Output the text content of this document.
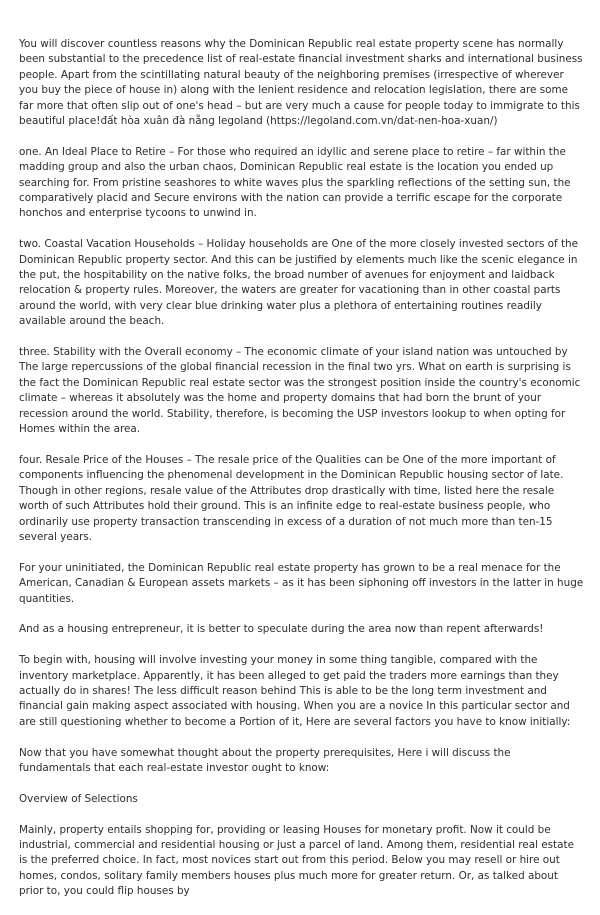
You will discover countless reasons why the Dominican Republic real estate property scene has normally been substantial to the precedence list of real-estate financial investment sharks and international business people. Apart from the scintillating natural beauty of the neighboring premises (irrespective of wherever you buy the piece of house in) along with the lenient residence and relocation legislation, there are some far more that often slip out of one's head – but are very much a cause for people today to immigrate to this beautiful place!đất hòa xuân đà nẵng legoland (https://legoland.com.vn/dat-nen-hoa-xuan/)

one. An Ideal Place to Retire – For those who required an idyllic and serene place to retire – far within the madding group and also the urban chaos, Dominican Republic real estate is the location you ended up searching for. From pristine seashores to white waves plus the sparkling reflections of the setting sun, the comparatively placid and Secure environs with the nation can provide a terrific escape for the corporate honchos and enterprise tycoons to unwind in.

two. Coastal Vacation Households – Holiday households are One of the more closely invested sectors of the Dominican Republic property sector. And this can be justified by elements much like the scenic elegance in the put, the hospitability on the native folks, the broad number of avenues for enjoyment and laidback relocation & property rules. Moreover, the waters are greater for vacationing than in other coastal parts around the world, with very clear blue drinking water plus a plethora of entertaining routines readily available around the beach.

three. Stability with the Overall economy – The economic climate of your island nation was untouched by The large repercussions of the global financial recession in the final two yrs. What on earth is surprising is the fact the Dominican Republic real estate sector was the strongest position inside the country's economic climate – whereas it absolutely was the home and property domains that had born the brunt of your recession around the world. Stability, therefore, is becoming the USP investors lookup to when opting for Homes within the area.

four. Resale Price of the Houses – The resale price of the Qualities can be One of the more important of components influencing the phenomenal development in the Dominican Republic housing sector of late. Though in other regions, resale value of the Attributes drop drastically with time, listed here the resale worth of such Attributes hold their ground. This is an infinite edge to real-estate business people, who ordinarily use property transaction transcending in excess of a duration of not much more than ten-15 several years.

For your uninitiated, the Dominican Republic real estate property has grown to be a real menace for the American, Canadian & European assets markets – as it has been siphoning off investors in the latter in huge quantities.

And as a housing entrepreneur, it is better to speculate during the area now than repent afterwards!

To begin with, housing will involve investing your money in some thing tangible, compared with the inventory marketplace. Apparently, it has been alleged to get paid the traders more earnings than they actually do in shares! The less difficult reason behind This is able to be the long term investment and financial gain making aspect associated with housing. When you are a novice In this particular sector and are still questioning whether to become a Portion of it, Here are several factors you have to know initially:

Now that you have somewhat thought about the property prerequisites, Here i will discuss the fundamentals that each real-estate investor ought to know:

Overview of Selections

Mainly, property entails shopping for, providing or leasing Houses for monetary profit. Now it could be industrial, commercial and residential housing or just a parcel of land. Among them, residential real estate is the preferred choice. In fact, most novices start out from this period. Below you may resell or hire out homes, condos, solitary family members houses plus much more for greater return. Or, as talked about prior to, you could flip houses by
